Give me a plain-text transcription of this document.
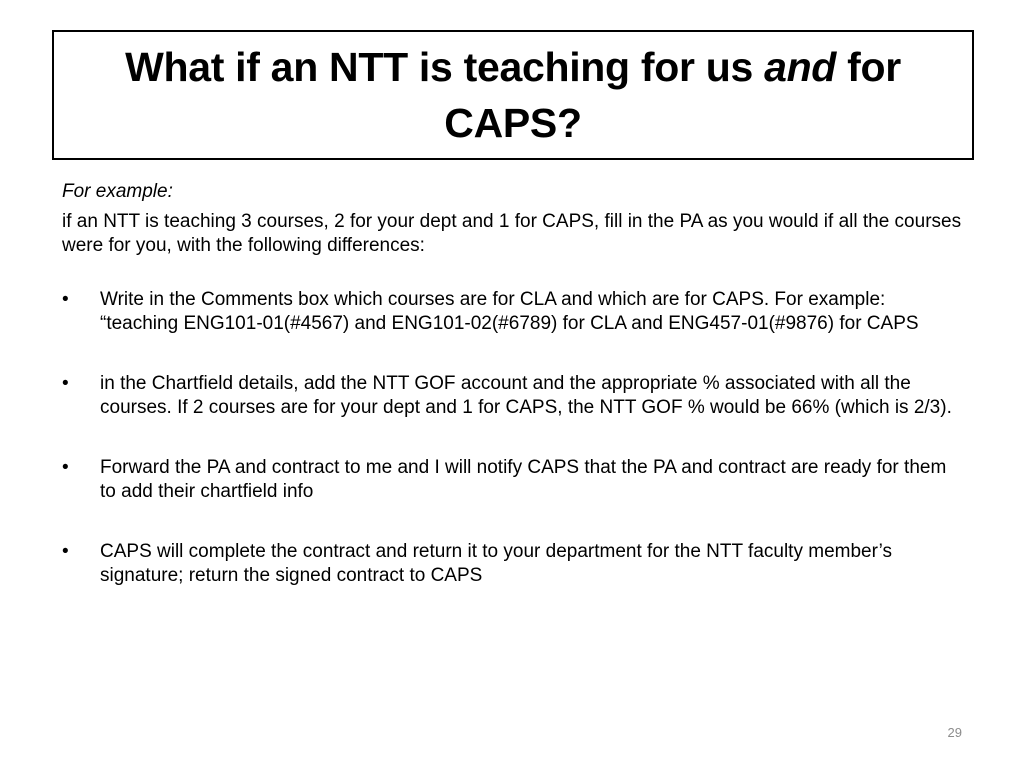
What if an NTT is teaching for us and for CAPS?

For example:

if an NTT is teaching 3 courses, 2 for your dept and 1 for CAPS, fill in the PA as you would if all the courses were for you, with the following differences:

•	Write in the Comments box which courses are for CLA and which are for CAPS. For example: “teaching ENG101-01(#4567) and ENG101-02(#6789) for CLA and ENG457-01(#9876) for CAPS
•	in the Chartfield details, add the NTT GOF account and the appropriate % associated with all the courses. If 2 courses are for your dept and 1 for CAPS, the NTT GOF % would be 66% (which is 2/3).
•	Forward the PA and contract to me and I will notify CAPS that the PA and contract are ready for them to add their chartfield info
•	CAPS will complete the contract and return it to your department for the NTT faculty member’s signature; return the signed contract to CAPS
29
